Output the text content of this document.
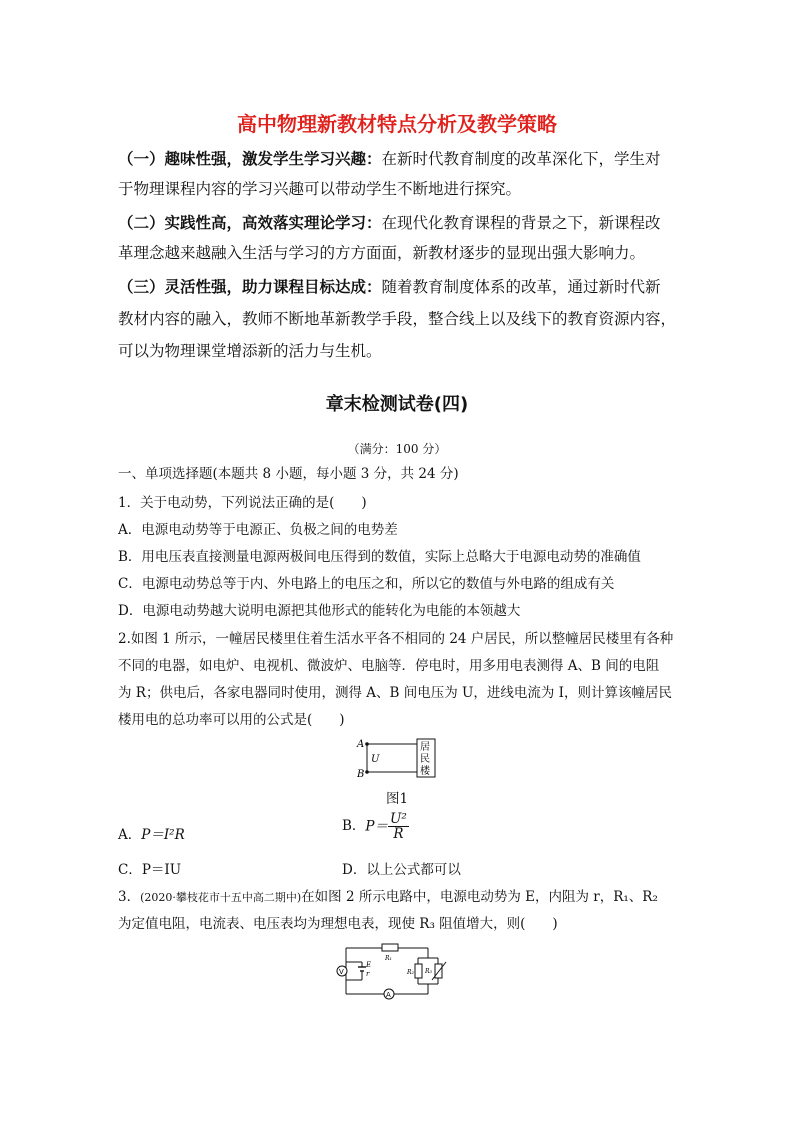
高中物理新教材特点分析及教学策略
（一）趣味性强，激发学生学习兴趣：在新时代教育制度的改革深化下，学生对
于物理课程内容的学习兴趣可以带动学生不断地进行探究。
（二）实践性高，高效落实理论学习：在现代化教育课程的背景之下，新课程改
革理念越来越融入生活与学习的方方面面，新教材逐步的显现出强大影响力。
（三）灵活性强，助力课程目标达成：随着教育制度体系的改革，通过新时代新
教材内容的融入，教师不断地革新教学手段，整合线上以及线下的教育资源内容，
可以为物理课堂增添新的活力与生机。
章末检测试卷(四)
（满分：100 分）
一、单项选择题(本题共 8 小题，每小题 3 分，共 24 分)
1．关于电动势，下列说法正确的是(　　)
A．电源电动势等于电源正、负极之间的电势差
B．用电压表直接测量电源两极间电压得到的数值，实际上总略大于电源电动势的准确值
C．电源电动势总等于内、外电路上的电压之和，所以它的数值与外电路的组成有关
D．电源电动势越大说明电源把其他形式的能转化为电能的本领越大
2.如图 1 所示，一幢居民楼里住着生活水平各不相同的 24 户居民，所以整幢居民楼里有各种
不同的电器，如电炉、电视机、微波炉、电脑等．停电时，用多用电表测得 A、B 间的电阻
为 R；供电后，各家电器同时使用，测得 A、B 间电压为 U，进线电流为 I，则计算该幢居民
楼用电的总功率可以用的公式是(　　)
A
B
U
居
民
楼
图1
A．P＝I²R
B．$P= \frac{\text{U²}}{R}$
C．P＝IU	D．以上公式都可以
3．(2020·攀枝花市十五中高二期中)在如图 2 所示电路中，电源电动势为 E，内阻为 r，R₁、R₂
为定值电阻，电流表、电压表均为理想电表，现使 R₃ 阻值增大，则(　　)
V
A
E
r
R₁
R₂ R₃
